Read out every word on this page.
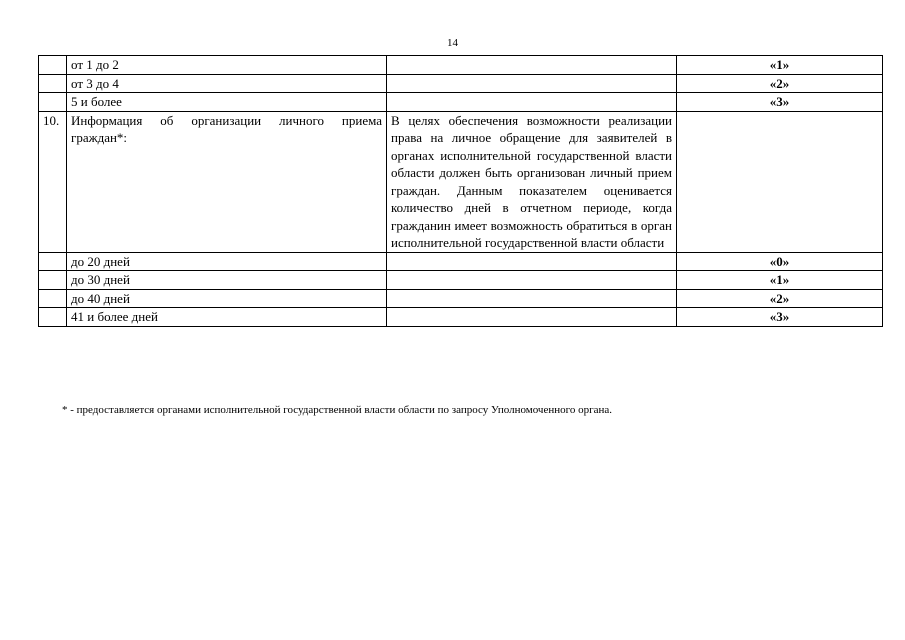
14
	от 1 до 2		«1»
	от 3 до 4		«2»
	5 и более		«3»
10.	Информация об организации личного приема граждан*:	В целях обеспечения возможности реализации права на личное обращение для заявителей в органах исполнительной государственной власти области должен быть организован личный прием граждан. Данным показателем оценивается количество дней в отчетном периоде, когда гражданин имеет возможность обратиться в орган исполнительной государственной власти области	
	до 20 дней		«0»
	до 30 дней		«1»
	до 40 дней		«2»
	41 и более дней		«3»
* - предоставляется органами исполнительной государственной власти области по запросу Уполномоченного органа.
